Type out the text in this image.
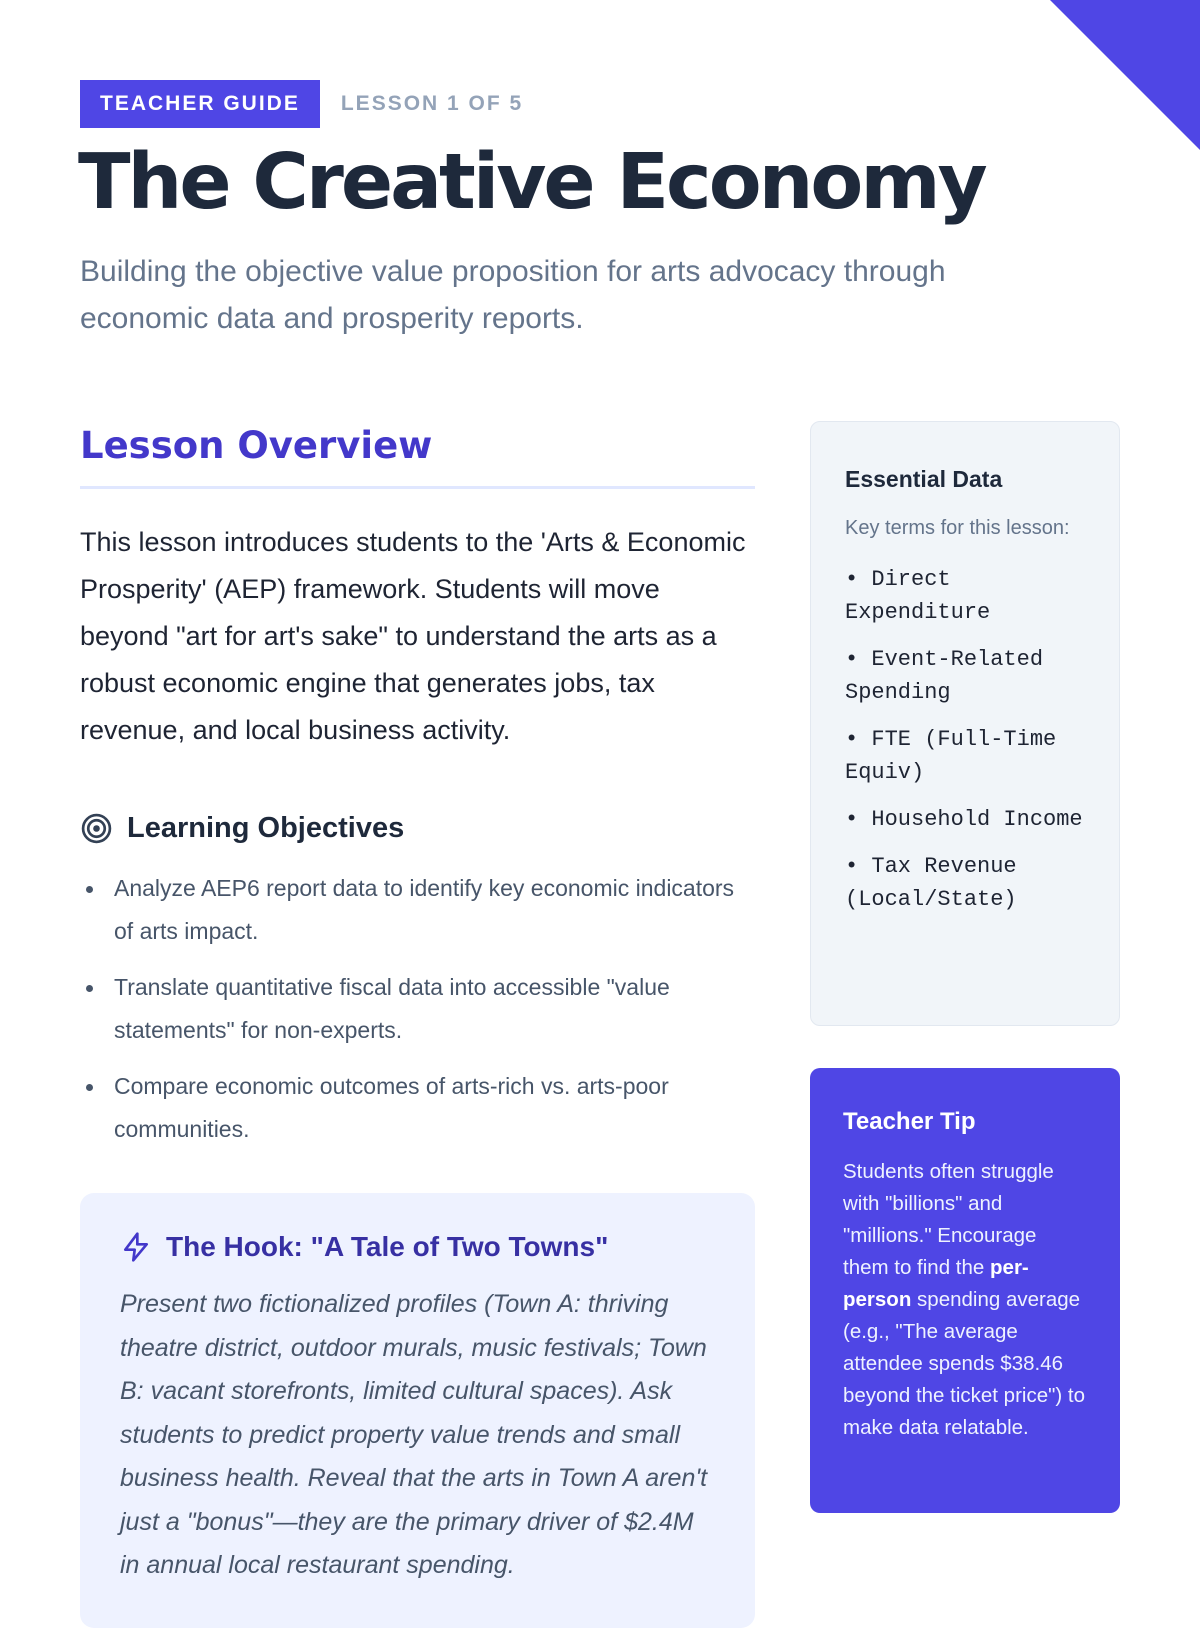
TEACHER GUIDE	LESSON 1 OF 5
The Creative Economy

Building the objective value proposition for arts advocacy through economic data and prosperity reports.

Lesson Overview

This lesson introduces students to the 'Arts & Economic Prosperity' (AEP) framework. Students will move beyond "art for art's sake" to understand the arts as a robust economic engine that generates jobs, tax revenue, and local business activity.

Learning Objectives
Analyze AEP6 report data to identify key economic indicators of arts impact.
Translate quantitative fiscal data into accessible "value statements" for non-experts.
Compare economic outcomes of arts-rich vs. arts-poor communities.
The Hook: "A Tale of Two Towns"

Present two fictionalized profiles (Town A: thriving theatre district, outdoor murals, music festivals; Town B: vacant storefronts, limited cultural spaces). Ask students to predict property value trends and small business health. Reveal that the arts in Town A aren't just a "bonus"—they are the primary driver of $2.4M in annual local restaurant spending.

Essential Data

Key terms for this lesson:

• Direct Expenditure
• Event-Related Spending
• FTE (Full-Time Equiv)
• Household Income
• Tax Revenue (Local/State)
Teacher Tip

Students often struggle with "billions" and "millions." Encourage them to find the per-person spending average (e.g., "The average attendee spends $38.46 beyond the ticket price") to make data relatable.
